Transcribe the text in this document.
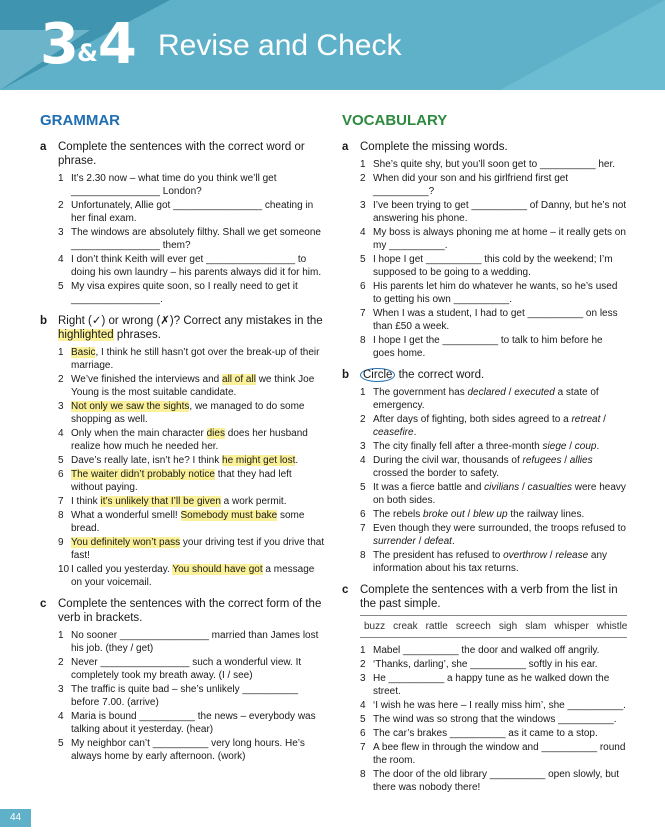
3&4 Revise and Check
GRAMMAR
a	Complete the sentences with the correct word or phrase.
1 It’s 2.30 now – what time do you think we’ll get ________________ London?
2 Unfortunately, Allie got ________________ cheating in her final exam.
3 The windows are absolutely filthy. Shall we get someone ________________ them?
4 I don’t think Keith will ever get ________________ to doing his own laundry – his parents always did it for him.
5 My visa expires quite soon, so I really need to get it ________________.
b Right (✓) or wrong (✗)? Correct any mistakes in the highlighted phrases.
1 Basic, I think he still hasn’t got over the break-up of their marriage.
2 We’ve finished the interviews and all of all we think Joe Young is the most suitable candidate.
3 Not only we saw the sights, we managed to do some shopping as well.
4 Only when the main character dies does her husband realize how much he needed her.
5 Dave’s really late, isn’t he? I think he might get lost.
6 The waiter didn’t probably notice that they had left without paying.
7 I think it’s unlikely that I’ll be given a work permit.
8 What a wonderful smell! Somebody must bake some bread.
9 You definitely won’t pass your driving test if you drive that fast!
10 I called you yesterday. You should have got a message on your voicemail.
c	Complete the sentences with the correct form of the verb in brackets.
1 No sooner ________________ married than James lost his job. (they / get)
2 Never ________________ such a wonderful view. It completely took my breath away. (I / see)
3 The traffic is quite bad – she’s unlikely __________ before 7.00. (arrive)
4 Maria is bound __________ the news – everybody was talking about it yesterday. (hear)
5 My neighbor can’t __________ very long hours. He’s always home by early afternoon. (work)
VOCABULARY
a	Complete the missing words.
1 She’s quite shy, but you’ll soon get to __________ her.
2 When did your son and his girlfriend first get __________?
3 I’ve been trying to get __________ of Danny, but he’s not answering his phone.
4 My boss is always phoning me at home – it really gets on my __________.
5 I hope I get __________ this cold by the weekend; I’m supposed to be going to a wedding.
6 His parents let him do whatever he wants, so he’s used to getting his own __________.
7 When I was a student, I had to get __________ on less than £50 a week.
8 I hope I get the __________ to talk to him before he goes home.
b	Circle the correct word.
1 The government has declared / executed a state of emergency.
2 After days of fighting, both sides agreed to a retreat / ceasefire.
3 The city finally fell after a three-month siege / coup.
4 During the civil war, thousands of refugees / allies crossed the border to safety.
5 It was a fierce battle and civilians / casualties were heavy on both sides.
6 The rebels broke out / blew up the railway lines.
7 Even though they were surrounded, the troops refused to surrender / defeat.
8 The president has refused to overthrow / release any information about his tax returns.
c	Complete the sentences with a verb from the list in the past simple.
buzz creak rattle screech sigh slam whisper whistle
1 Mabel __________ the door and walked off angrily.
2 ‘Thanks, darling’, she __________ softly in his ear.
3 He __________ a happy tune as he walked down the street.
4 ‘I wish he was here – I really miss him’, she __________.
5 The wind was so strong that the windows __________.
6 The car’s brakes __________ as it came to a stop.
7 A bee flew in through the window and __________ round the room.
8 The door of the old library __________ open slowly, but there was nobody there!
44
